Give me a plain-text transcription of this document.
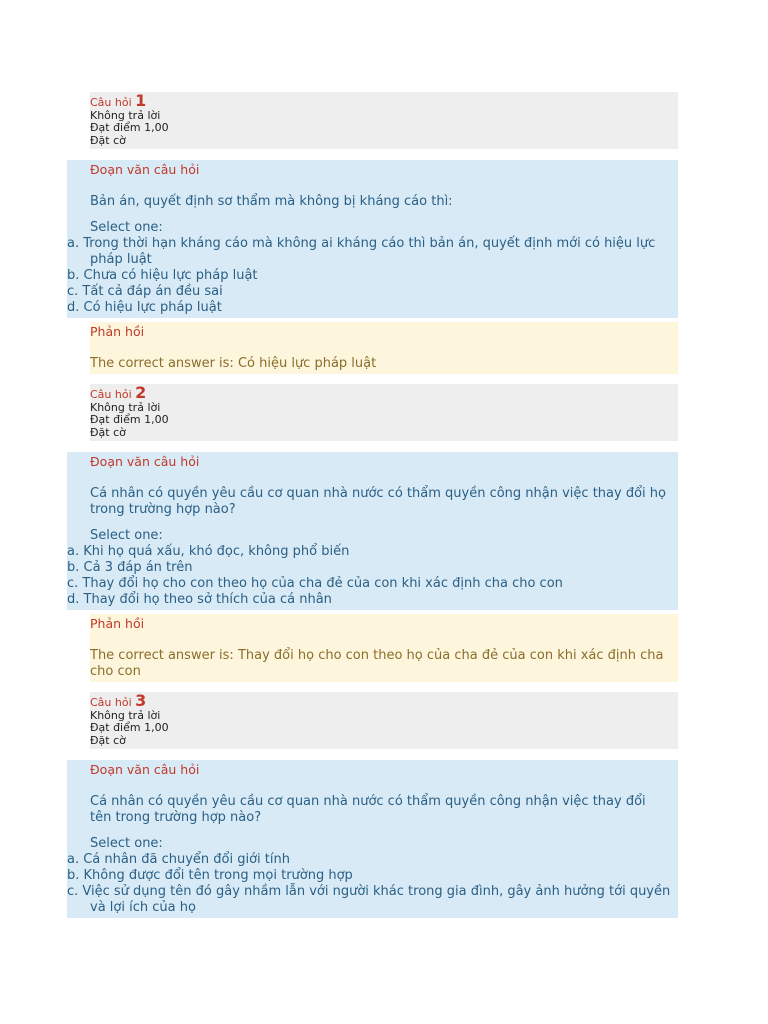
Câu hỏi 1
Không trả lời
Đạt điểm 1,00
Đặt cờ
Đoạn văn câu hỏi
Bản án, quyết định sơ thẩm mà không bị kháng cáo thì:
Select one:
a. Trong thời hạn kháng cáo mà không ai kháng cáo thì bản án, quyết định mới có hiệu lực pháp luật
b. Chưa có hiệu lực pháp luật
c. Tất cả đáp án đều sai
d. Có hiệu lực pháp luật
Phản hồi
The correct answer is: Có hiệu lực pháp luật
Câu hỏi 2
Không trả lời
Đạt điểm 1,00
Đặt cờ
Đoạn văn câu hỏi
Cá nhân có quyền yêu cầu cơ quan nhà nước có thẩm quyền công nhận việc thay đổi họ trong trường hợp nào?
Select one:
a. Khi họ quá xấu, khó đọc, không phổ biến
b. Cả 3 đáp án trên
c. Thay đổi họ cho con theo họ của cha đẻ của con khi xác định cha cho con
d. Thay đổi họ theo sở thích của cá nhân
Phản hồi
The correct answer is: Thay đổi họ cho con theo họ của cha đẻ của con khi xác định cha cho con
Câu hỏi 3
Không trả lời
Đạt điểm 1,00
Đặt cờ
Đoạn văn câu hỏi
Cá nhân có quyền yêu cầu cơ quan nhà nước có thẩm quyền công nhận việc thay đổi tên trong trường hợp nào?
Select one:
a. Cá nhân đã chuyển đổi giới tính
b. Không được đổi tên trong mọi trường hợp
c. Việc sử dụng tên đó gây nhầm lẫn với người khác trong gia đình, gây ảnh hưởng tới quyền và lợi ích của họ
